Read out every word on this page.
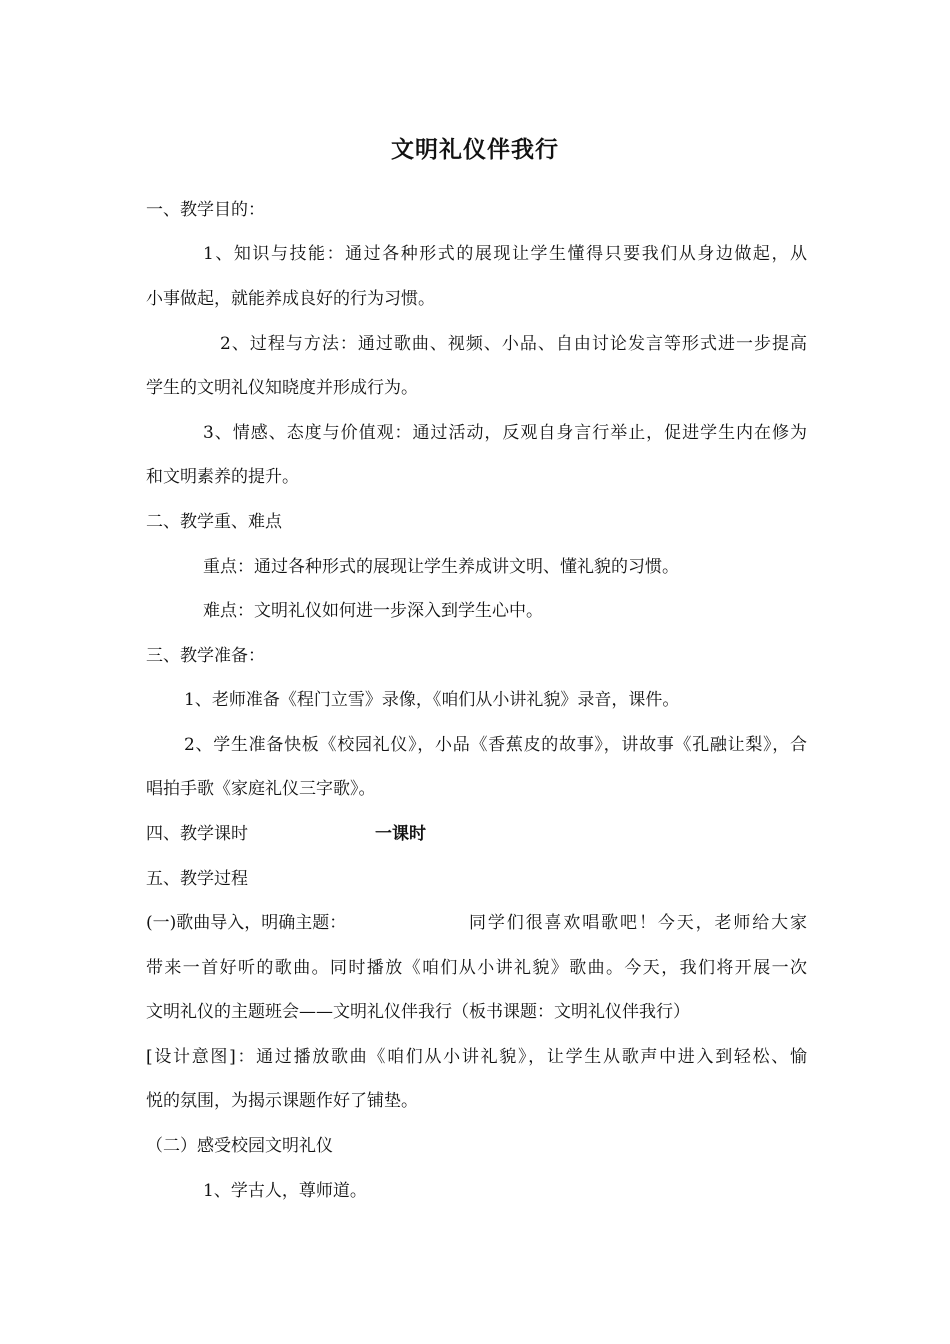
文明礼仪伴我行
一、教学目的：
1、知识与技能：通过各种形式的展现让学生懂得只要我们从身边做起，从
小事做起，就能养成良好的行为习惯。
2、过程与方法：通过歌曲、视频、小品、自由讨论发言等形式进一步提高
学生的文明礼仪知晓度并形成行为。
3、情感、态度与价值观：通过活动，反观自身言行举止，促进学生内在修为
和文明素养的提升。
二、教学重、难点
重点：通过各种形式的展现让学生养成讲文明、懂礼貌的习惯。
难点：文明礼仪如何进一步深入到学生心中。
三、教学准备：
1、老师准备《程门立雪》录像，《咱们从小讲礼貌》录音，课件。
2、学生准备快板《校园礼仪》，小品《香蕉皮的故事》，讲故事《孔融让梨》，合
唱拍手歌《家庭礼仪三字歌》。
四、教学课时	一课时
五、教学过程
(一)歌曲导入，明确主题：	同学们很喜欢唱歌吧！今天，老师给大家
带来一首好听的歌曲。同时播放《咱们从小讲礼貌》歌曲。今天，我们将开展一次
文明礼仪的主题班会——文明礼仪伴我行（板书课题：文明礼仪伴我行）
[设计意图]：通过播放歌曲《咱们从小讲礼貌》，让学生从歌声中进入到轻松、愉
悦的氛围，为揭示课题作好了铺垫。
（二）感受校园文明礼仪
1、学古人，尊师道。
